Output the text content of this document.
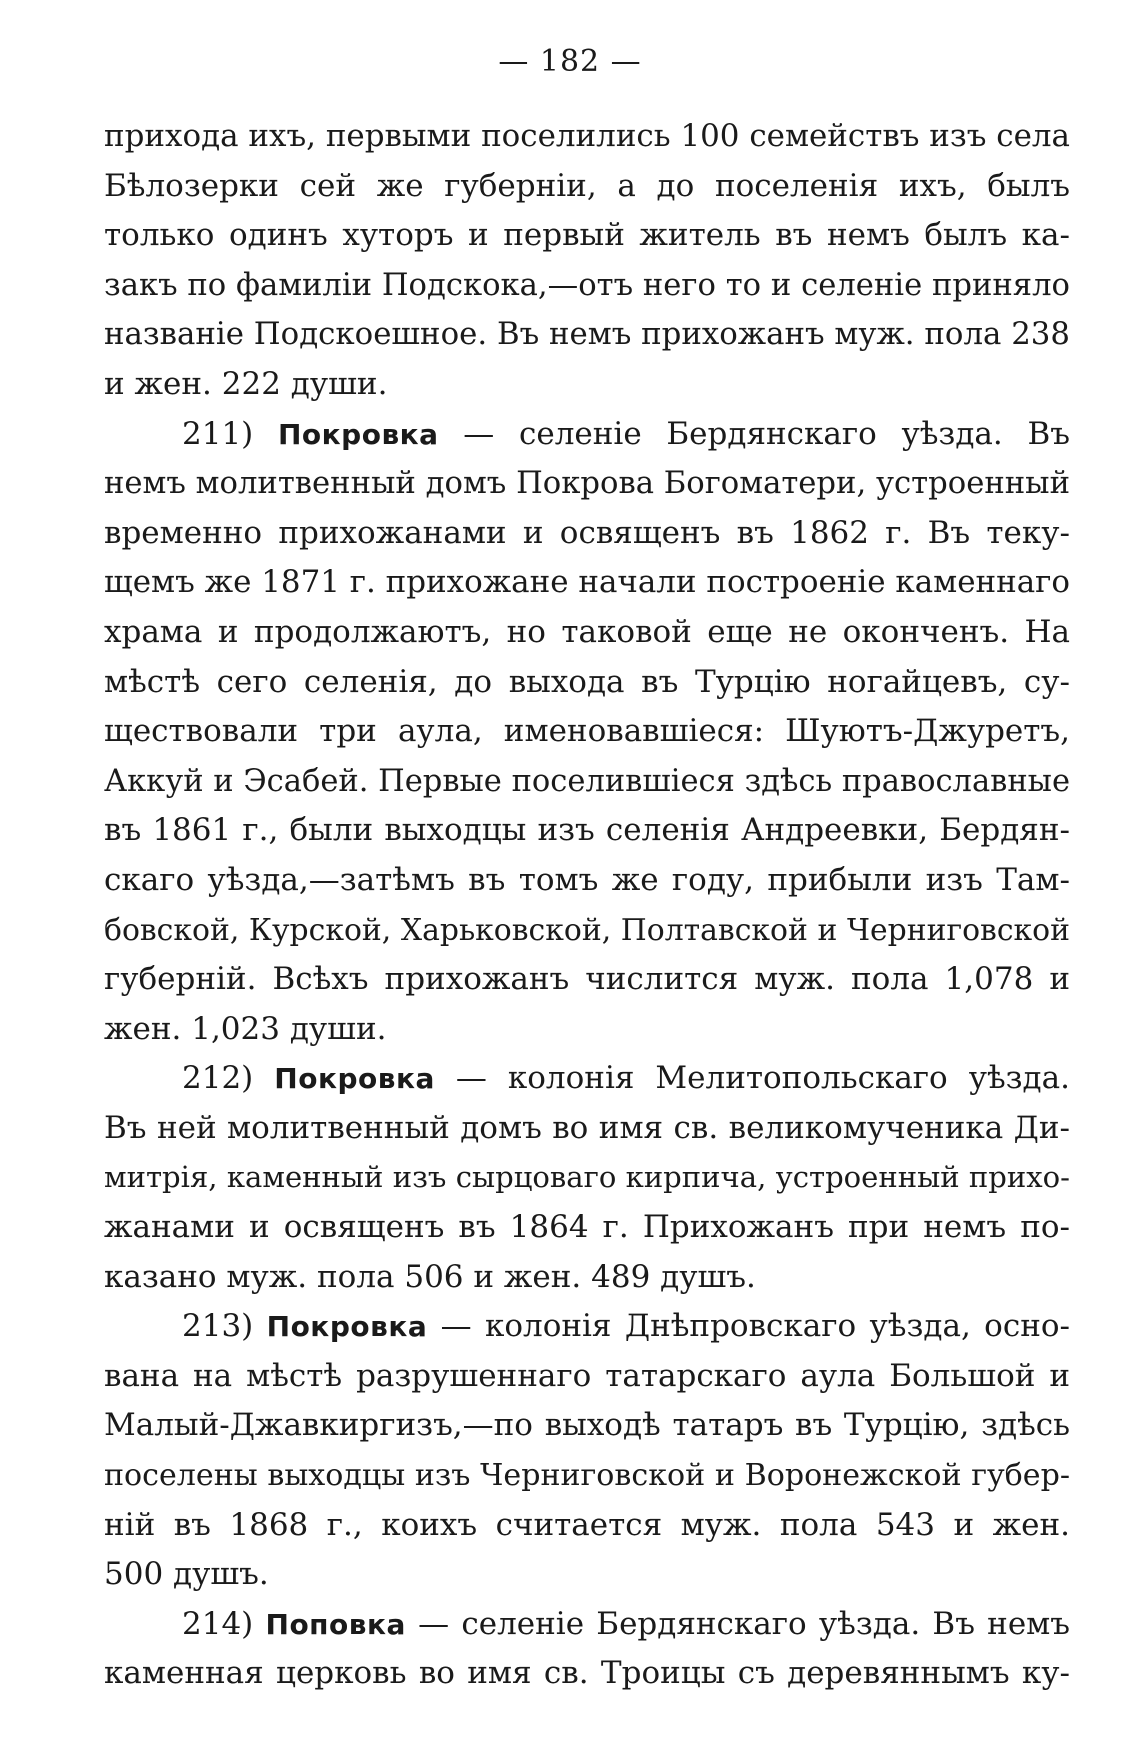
— 182 —
прихода ихъ, первыми поселились 100 семействъ изъ села
Бѣлозерки сей же губерніи, а до поселенія ихъ, былъ
только одинъ хуторъ и первый житель въ немъ былъ ка-
закъ по фамиліи Подскока,—отъ него то и селеніе приняло
названіе Подскоешное. Въ немъ прихожанъ муж. пола 238
и жен. 222 души.
211) Покровка — селеніе Бердянскаго уѣзда. Въ
немъ молитвенный домъ Покрова Богоматери, устроенный
временно прихожанами и освященъ въ 1862 г. Въ теку-
щемъ же 1871 г. прихожане начали построеніе каменнаго
храма и продолжаютъ, но таковой еще не оконченъ. На
мѣстѣ сего селенія, до выхода въ Турцію ногайцевъ, су-
ществовали три аула, именовавшіеся: Шуютъ-Джуретъ,
Аккуй и Эсабей. Первые поселившіеся здѣсь православные
въ 1861 г., были выходцы изъ селенія Андреевки, Бердян-
скаго уѣзда,—затѣмъ въ томъ же году, прибыли изъ Там-
бовской, Курской, Харьковской, Полтавской и Черниговской
губерній. Всѣхъ прихожанъ числится муж. пола 1,078 и
жен. 1,023 души.
212) Покровка — колонія Мелитопольскаго уѣзда.
Въ ней молитвенный домъ во имя св. великомученика Ди-
митрія, каменный изъ сырцоваго кирпича, устроенный прихо-
жанами и освященъ въ 1864 г. Прихожанъ при немъ по-
казано муж. пола 506 и жен. 489 душъ.
213) Покровка — колонія Днѣпровскаго уѣзда, осно-
вана на мѣстѣ разрушеннаго татарскаго аула Большой и
Малый-Джавкиргизъ,—по выходѣ татаръ въ Турцію, здѣсь
поселены выходцы изъ Черниговской и Воронежской губер-
ній въ 1868 г., коихъ считается муж. пола 543 и жен.
500 душъ.
214) Поповка — селеніе Бердянскаго уѣзда. Въ немъ
каменная церковь во имя св. Троицы съ деревяннымъ ку-
